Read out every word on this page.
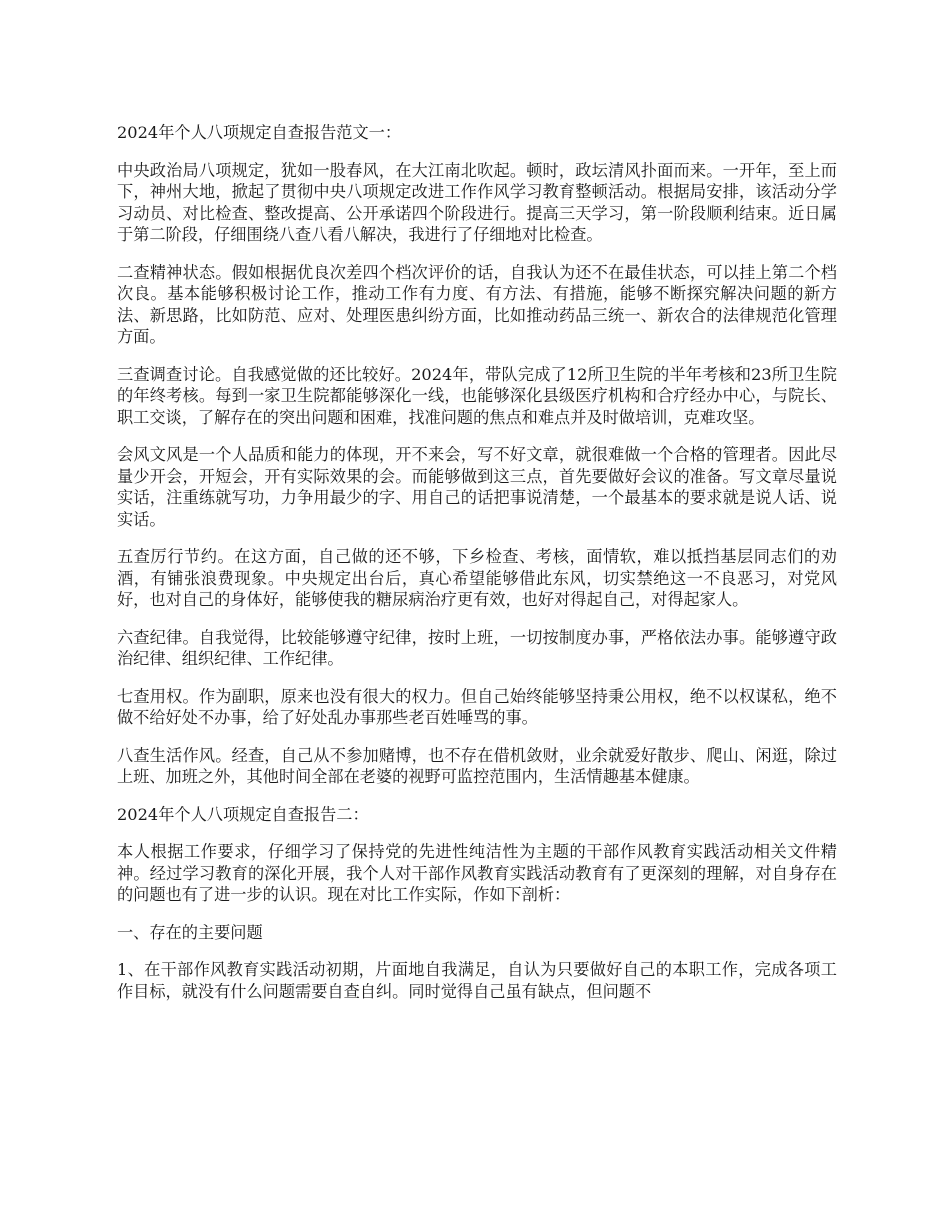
2024年个人八项规定自查报告范文一：

中央政治局八项规定，犹如一股春风，在大江南北吹起。顿时，政坛清风扑面而来。一开年，至上而下，神州大地，掀起了贯彻中央八项规定改进工作作风学习教育整顿活动。根据局安排，该活动分学习动员、对比检查、整改提高、公开承诺四个阶段进行。提高三天学习，第一阶段顺利结束。近日属于第二阶段，仔细围绕八查八看八解决，我进行了仔细地对比检查。

二查精神状态。假如根据优良次差四个档次评价的话，自我认为还不在最佳状态，可以挂上第二个档次良。基本能够积极讨论工作，推动工作有力度、有方法、有措施，能够不断探究解决问题的新方法、新思路，比如防范、应对、处理医患纠纷方面，比如推动药品三统一、新农合的法律规范化管理方面。

三查调查讨论。自我感觉做的还比较好。2024年，带队完成了12所卫生院的半年考核和23所卫生院的年终考核。每到一家卫生院都能够深化一线，也能够深化县级医疗机构和合疗经办中心，与院长、职工交谈，了解存在的突出问题和困难，找准问题的焦点和难点并及时做培训，克难攻坚。

会风文风是一个人品质和能力的体现，开不来会，写不好文章，就很难做一个合格的管理者。因此尽量少开会，开短会，开有实际效果的会。而能够做到这三点，首先要做好会议的准备。写文章尽量说实话，注重练就写功，力争用最少的字、用自己的话把事说清楚，一个最基本的要求就是说人话、说实话。

五查厉行节约。在这方面，自己做的还不够，下乡检查、考核，面情软，难以抵挡基层同志们的劝酒，有铺张浪费现象。中央规定出台后，真心希望能够借此东风，切实禁绝这一不良恶习，对党风好，也对自己的身体好，能够使我的糖尿病治疗更有效，也好对得起自己，对得起家人。

六查纪律。自我觉得，比较能够遵守纪律，按时上班，一切按制度办事，严格依法办事。能够遵守政治纪律、组织纪律、工作纪律。

七查用权。作为副职，原来也没有很大的权力。但自己始终能够坚持秉公用权，绝不以权谋私，绝不做不给好处不办事，给了好处乱办事那些老百姓唾骂的事。

八查生活作风。经查，自己从不参加赌博，也不存在借机敛财，业余就爱好散步、爬山、闲逛，除过上班、加班之外，其他时间全部在老婆的视野可监控范围内，生活情趣基本健康。

2024年个人八项规定自查报告二：

本人根据工作要求，仔细学习了保持党的先进性纯洁性为主题的干部作风教育实践活动相关文件精神。经过学习教育的深化开展，我个人对干部作风教育实践活动教育有了更深刻的理解，对自身存在的问题也有了进一步的认识。现在对比工作实际，作如下剖析：

一、存在的主要问题

1、在干部作风教育实践活动初期，片面地自我满足，自认为只要做好自己的本职工作，完成各项工作目标，就没有什么问题需要自查自纠。同时觉得自己虽有缺点，但问题不
